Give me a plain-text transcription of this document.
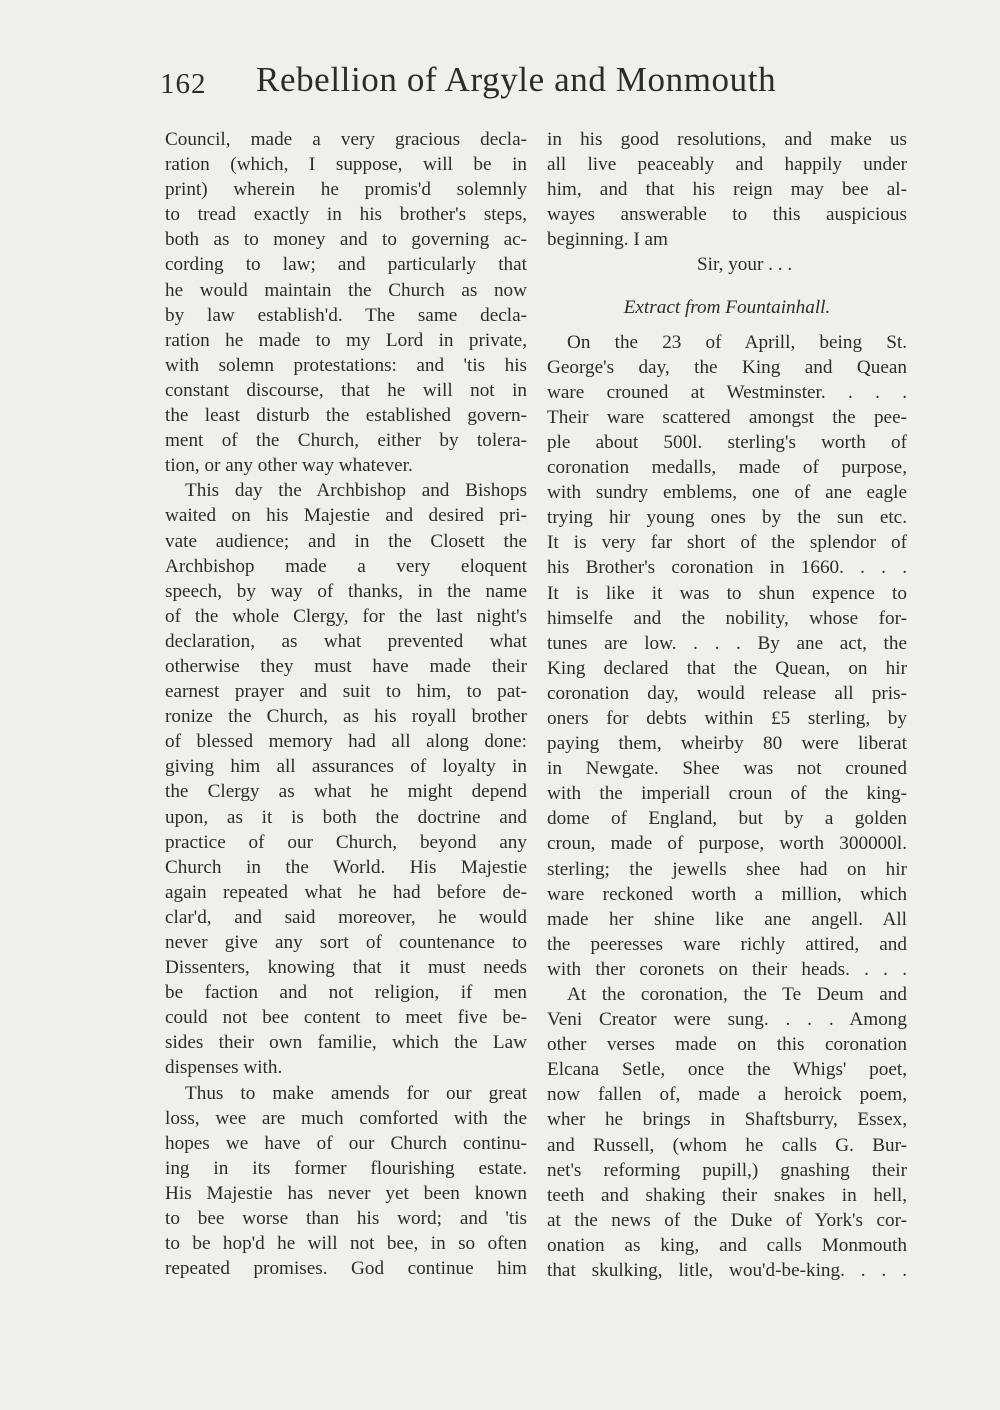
162 Rebellion of Argyle and Monmouth
Council, made a very gracious decla-
ration (which, I suppose, will be in
print) wherein he promis'd solemnly
to tread exactly in his brother's steps,
both as to money and to governing ac-
cording to law; and particularly that
he would maintain the Church as now
by law establish'd. The same decla-
ration he made to my Lord in private,
with solemn protestations: and 'tis his
constant discourse, that he will not in
the least disturb the established govern-
ment of the Church, either by tolera-
tion, or any other way whatever.
This day the Archbishop and Bishops
waited on his Majestie and desired pri-
vate audience; and in the Closett the
Archbishop made a very eloquent
speech, by way of thanks, in the name
of the whole Clergy, for the last night's
declaration, as what prevented what
otherwise they must have made their
earnest prayer and suit to him, to pat-
ronize the Church, as his royall brother
of blessed memory had all along done:
giving him all assurances of loyalty in
the Clergy as what he might depend
upon, as it is both the doctrine and
practice of our Church, beyond any
Church in the World. His Majestie
again repeated what he had before de-
clar'd, and said moreover, he would
never give any sort of countenance to
Dissenters, knowing that it must needs
be faction and not religion, if men
could not bee content to meet five be-
sides their own familie, which the Law
dispenses with.
Thus to make amends for our great
loss, wee are much comforted with the
hopes we have of our Church continu-
ing in its former flourishing estate.
His Majestie has never yet been known
to bee worse than his word; and 'tis
to be hop'd he will not bee, in so often
repeated promises. God continue him
in his good resolutions, and make us
all live peaceably and happily under
him, and that his reign may bee al-
wayes answerable to this auspicious
beginning. I am
Sir, your . . .
Extract from Fountainhall.
On the 23 of Aprill, being St.
George's day, the King and Quean
ware crouned at Westminster. . . .
Their ware scattered amongst the pee-
ple about 500l. sterling's worth of
coronation medalls, made of purpose,
with sundry emblems, one of ane eagle
trying hir young ones by the sun etc.
It is very far short of the splendor of
his Brother's coronation in 1660. . . .
It is like it was to shun expence to
himselfe and the nobility, whose for-
tunes are low. . . . By ane act, the
King declared that the Quean, on hir
coronation day, would release all pris-
oners for debts within £5 sterling, by
paying them, wheirby 80 were liberat
in Newgate. Shee was not crouned
with the imperiall croun of the king-
dome of England, but by a golden
croun, made of purpose, worth 300000l.
sterling; the jewells shee had on hir
ware reckoned worth a million, which
made her shine like ane angell. All
the peeresses ware richly attired, and
with ther coronets on their heads. . . .
At the coronation, the Te Deum and
Veni Creator were sung. . . . Among
other verses made on this coronation
Elcana Setle, once the Whigs' poet,
now fallen of, made a heroick poem,
wher he brings in Shaftsburry, Essex,
and Russell, (whom he calls G. Bur-
net's reforming pupill,) gnashing their
teeth and shaking their snakes in hell,
at the news of the Duke of York's cor-
onation as king, and calls Monmouth
that skulking, litle, wou'd-be-king. . . .
